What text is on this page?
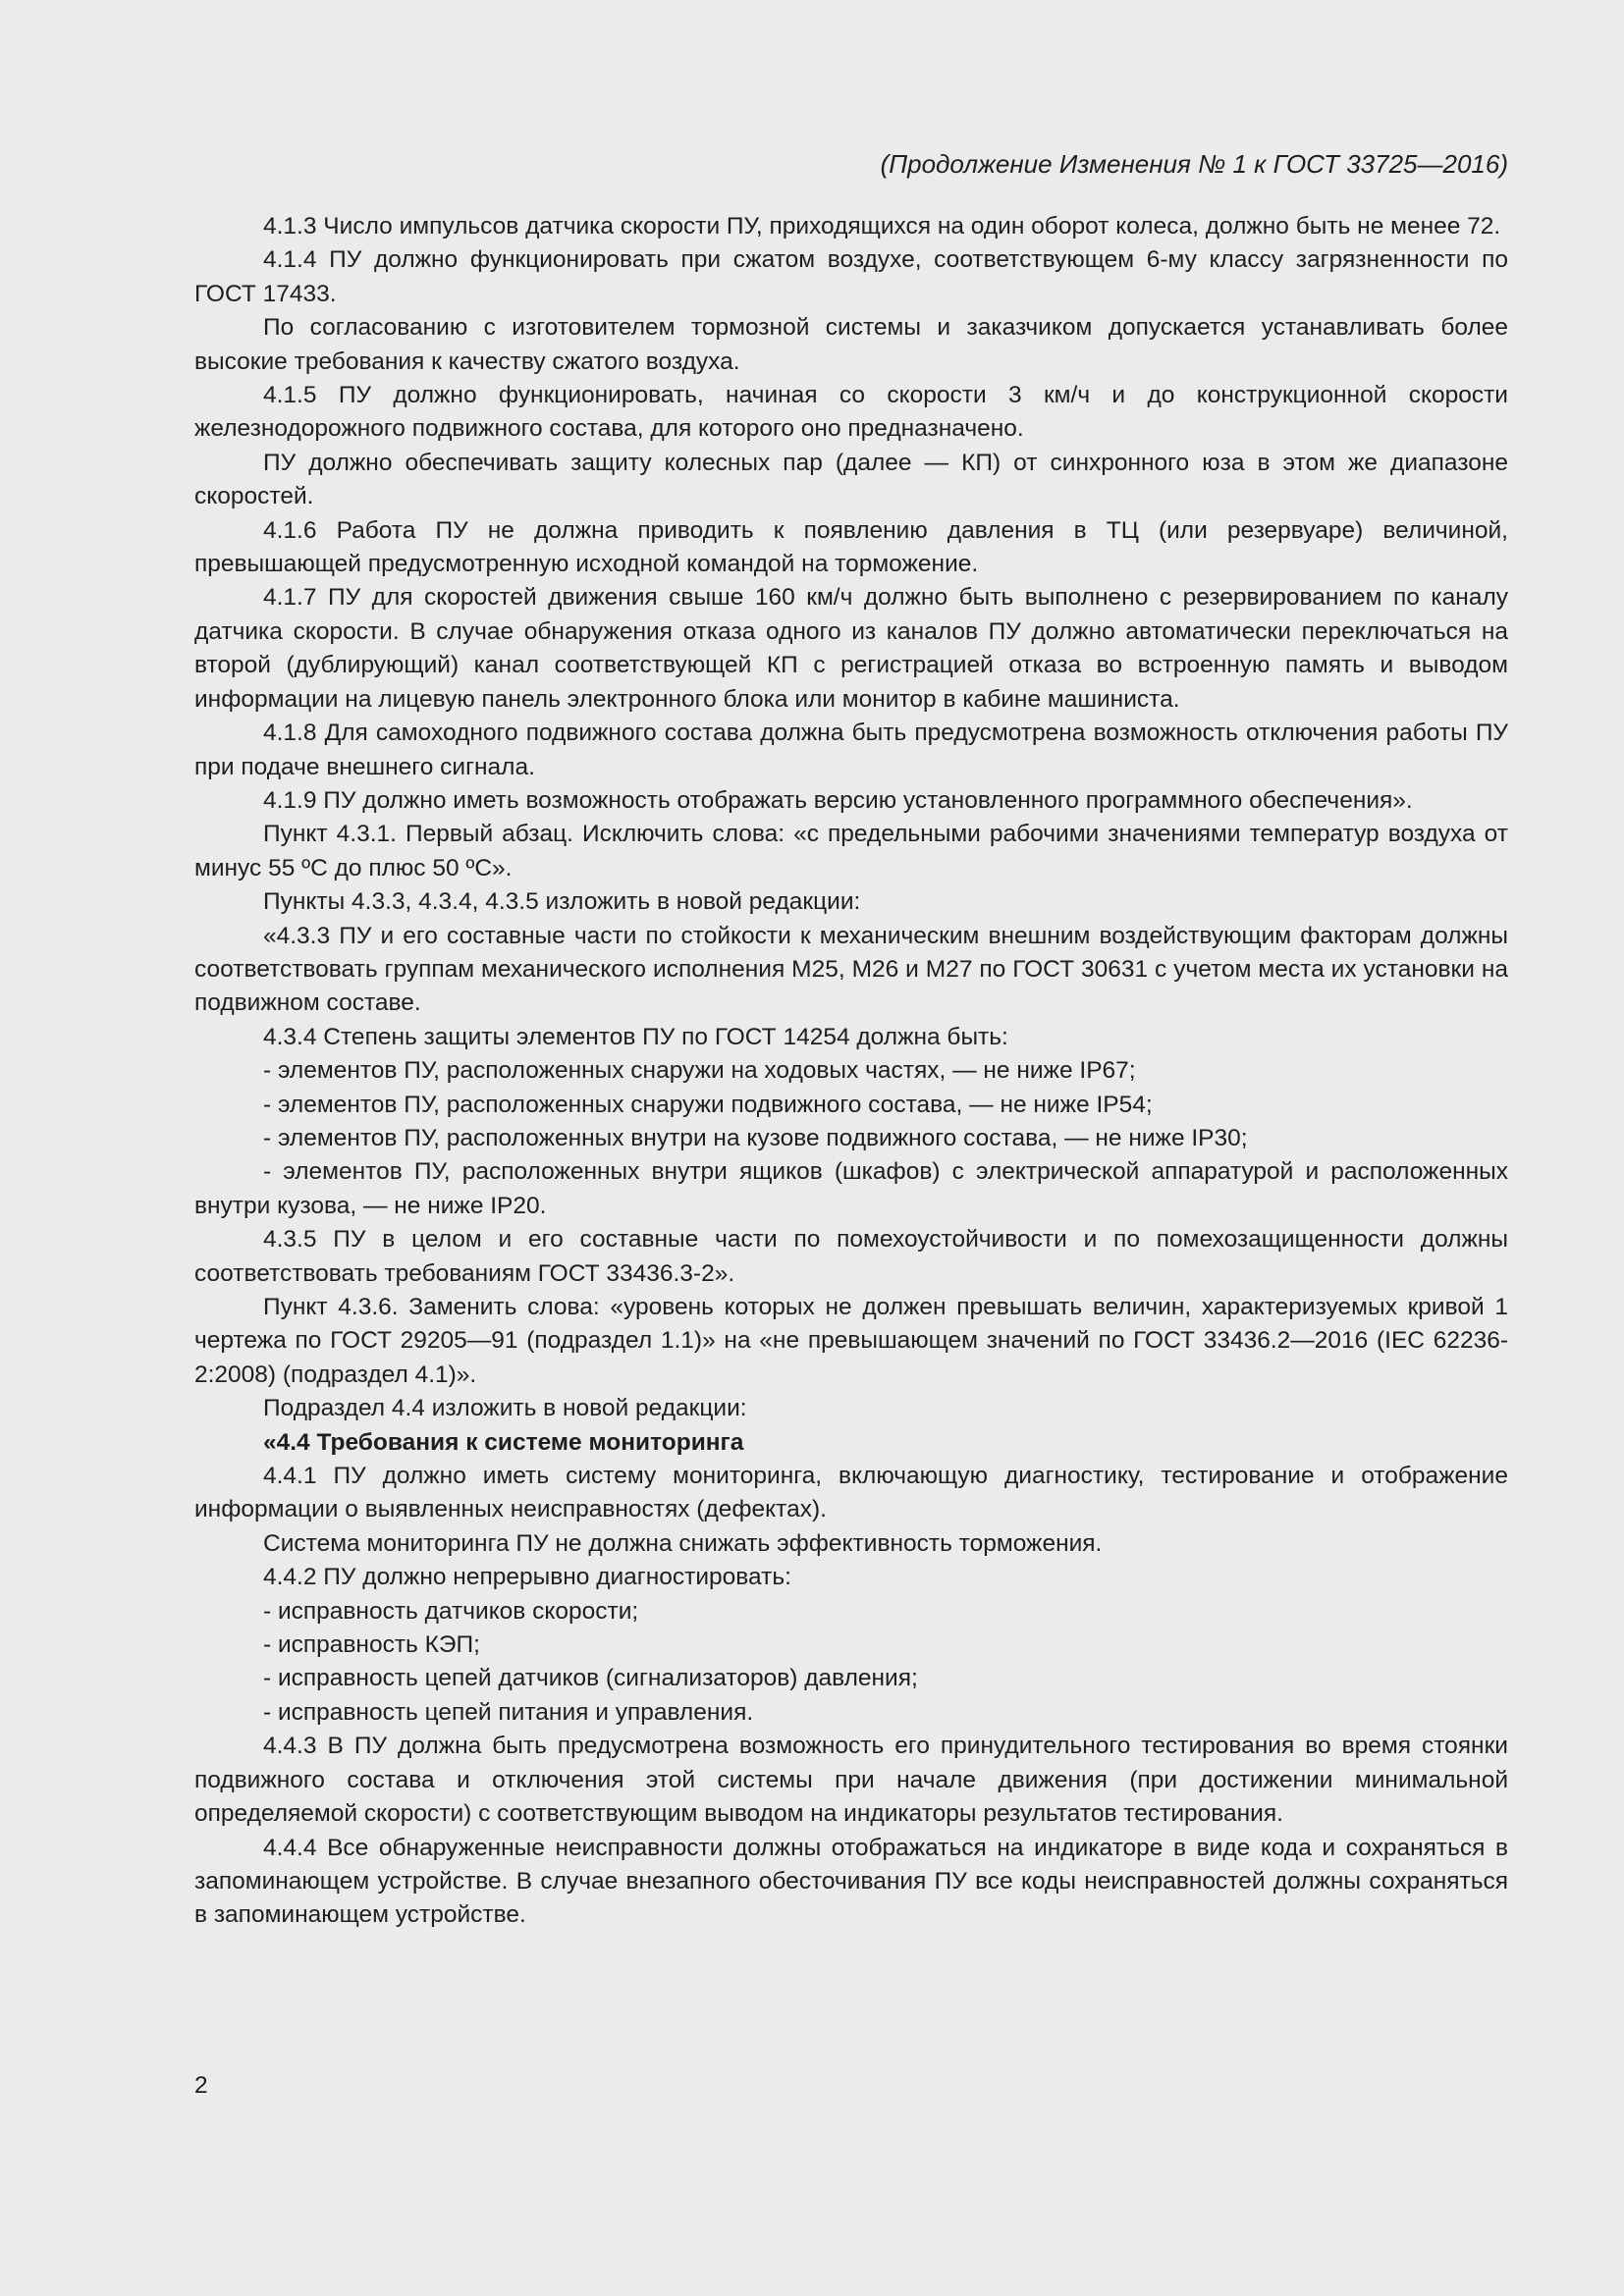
(Продолжение Изменения № 1 к ГОСТ 33725—2016)

4.1.3 Число импульсов датчика скорости ПУ, приходящихся на один оборот колеса, должно быть не менее 72.

4.1.4 ПУ должно функционировать при сжатом воздухе, соответствующем 6-му классу загрязненности по ГОСТ 17433.

По согласованию с изготовителем тормозной системы и заказчиком допускается устанавливать более высокие требования к качеству сжатого воздуха.

4.1.5 ПУ должно функционировать, начиная со скорости 3 км/ч и до конструкционной скорости железнодорожного подвижного состава, для которого оно предназначено.

ПУ должно обеспечивать защиту колесных пар (далее — КП) от синхронного юза в этом же диапазоне скоростей.

4.1.6 Работа ПУ не должна приводить к появлению давления в ТЦ (или резервуаре) величиной, превышающей предусмотренную исходной командой на торможение.

4.1.7 ПУ для скоростей движения свыше 160 км/ч должно быть выполнено с резервированием по каналу датчика скорости. В случае обнаружения отказа одного из каналов ПУ должно автоматически переключаться на второй (дублирующий) канал соответствующей КП с регистрацией отказа во встроенную память и выводом информации на лицевую панель электронного блока или монитор в кабине машиниста.

4.1.8 Для самоходного подвижного состава должна быть предусмотрена возможность отключения работы ПУ при подаче внешнего сигнала.

4.1.9 ПУ должно иметь возможность отображать версию установленного программного обеспечения».

Пункт 4.3.1. Первый абзац. Исключить слова: «с предельными рабочими значениями температур воздуха от минус 55 ºС до плюс 50 ºС».

Пункты 4.3.3, 4.3.4, 4.3.5 изложить в новой редакции:

«4.3.3 ПУ и его составные части по стойкости к механическим внешним воздействующим факторам должны соответствовать группам механического исполнения М25, М26 и М27 по ГОСТ 30631 с учетом места их установки на подвижном составе.

4.3.4 Степень защиты элементов ПУ по ГОСТ 14254 должна быть:

- элементов ПУ, расположенных снаружи на ходовых частях, — не ниже IP67;

- элементов ПУ, расположенных снаружи подвижного состава, — не ниже IP54;

- элементов ПУ, расположенных внутри на кузове подвижного состава, — не ниже IP30;

- элементов ПУ, расположенных внутри ящиков (шкафов) с электрической аппаратурой и расположенных внутри кузова, — не ниже IP20.

4.3.5 ПУ в целом и его составные части по помехоустойчивости и по помехозащищенности должны соответствовать требованиям ГОСТ 33436.3-2».

Пункт 4.3.6. Заменить слова: «уровень которых не должен превышать величин, характеризуемых кривой 1 чертежа по ГОСТ 29205—91 (подраздел 1.1)» на «не превышающем значений по ГОСТ 33436.2—2016 (IEC 62236-2:2008) (подраздел 4.1)».

Подраздел 4.4 изложить в новой редакции:

«4.4 Требования к системе мониторинга

4.4.1 ПУ должно иметь систему мониторинга, включающую диагностику, тестирование и отображение информации о выявленных неисправностях (дефектах).

Система мониторинга ПУ не должна снижать эффективность торможения.

4.4.2 ПУ должно непрерывно диагностировать:

- исправность датчиков скорости;

- исправность КЭП;

- исправность цепей датчиков (сигнализаторов) давления;

- исправность цепей питания и управления.

4.4.3 В ПУ должна быть предусмотрена возможность его принудительного тестирования во время стоянки подвижного состава и отключения этой системы при начале движения (при достижении минимальной определяемой скорости) с соответствующим выводом на индикаторы результатов тестирования.

4.4.4 Все обнаруженные неисправности должны отображаться на индикаторе в виде кода и сохраняться в запоминающем устройстве. В случае внезапного обесточивания ПУ все коды неисправностей должны сохраняться в запоминающем устройстве.

2
